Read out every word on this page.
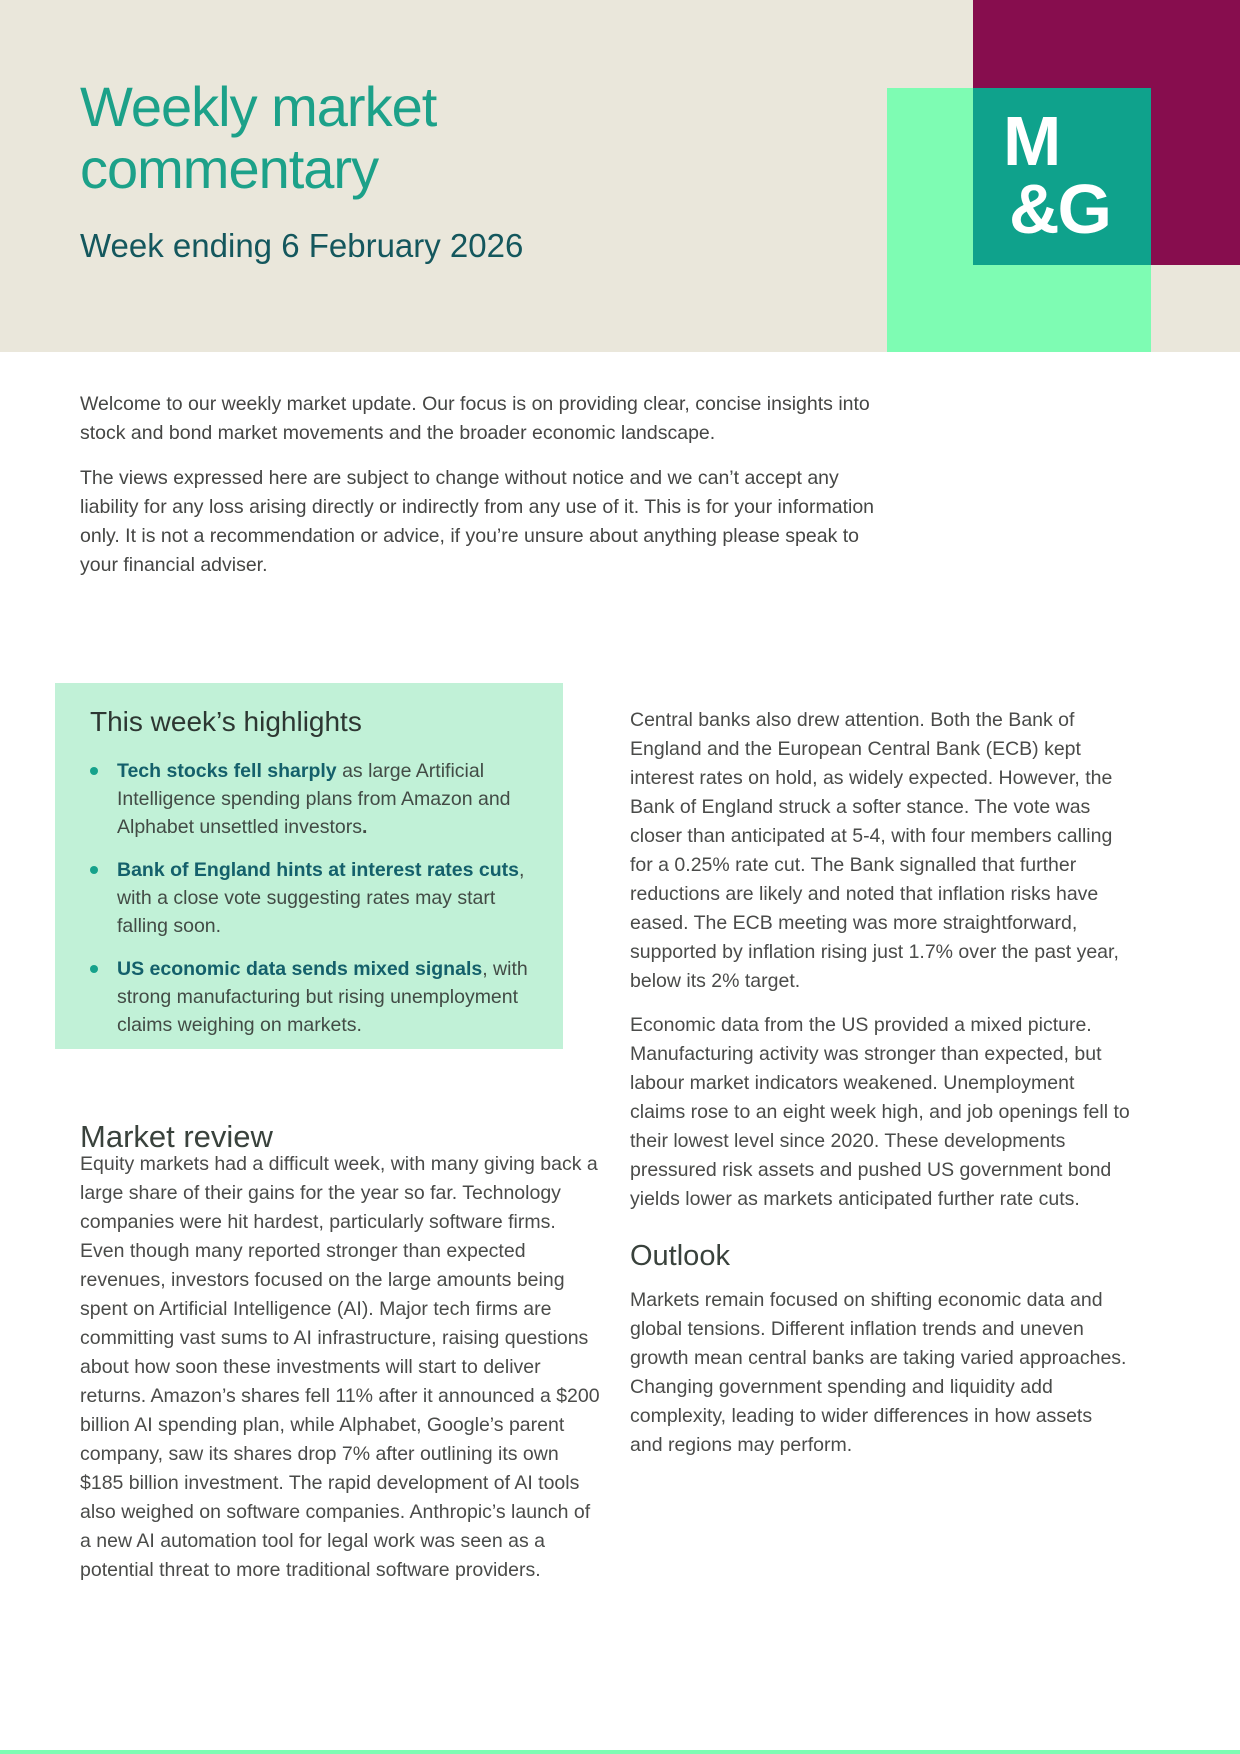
Weekly market
commentary
Week ending 6 February 2026
M
&G

Welcome to our weekly market update. Our focus is on providing clear, concise insights into stock and bond market movements and the broader economic landscape.

The views expressed here are subject to change without notice and we can’t accept any liability for any loss arising directly or indirectly from any use of it. This is for your information only. It is not a recommendation or advice, if you’re unsure about anything please speak to your financial adviser.

This week’s highlights
Tech stocks fell sharply as large Artificial Intelligence spending plans from Amazon and Alphabet unsettled investors.
Bank of England hints at interest rates cuts, with a close vote suggesting rates may start falling soon.
US economic data sends mixed signals, with strong manufacturing but rising unemployment claims weighing on markets.
Market review
Equity markets had a difficult week, with many giving back a large share of their gains for the year so far. Technology companies were hit hardest, particularly software firms. Even though many reported stronger than expected revenues, investors focused on the large amounts being spent on Artificial Intelligence (AI). Major tech firms are committing vast sums to AI infrastructure, raising questions about how soon these investments will start to deliver returns. Amazon’s shares fell 11% after it announced a $200 billion AI spending plan, while Alphabet, Google’s parent company, saw its shares drop 7% after outlining its own $185 billion investment. The rapid development of AI tools also weighed on software companies. Anthropic’s launch of a new AI automation tool for legal work was seen as a potential threat to more traditional software providers.

Central banks also drew attention. Both the Bank of England and the European Central Bank (ECB) kept interest rates on hold, as widely expected. However, the Bank of England struck a softer stance. The vote was closer than anticipated at 5-4, with four members calling for a 0.25% rate cut. The Bank signalled that further reductions are likely and noted that inflation risks have eased. The ECB meeting was more straightforward, supported by inflation rising just 1.7% over the past year, below its 2% target.

Economic data from the US provided a mixed picture. Manufacturing activity was stronger than expected, but labour market indicators weakened. Unemployment claims rose to an eight week high, and job openings fell to their lowest level since 2020. These developments pressured risk assets and pushed US government bond yields lower as markets anticipated further rate cuts.

Outlook

Markets remain focused on shifting economic data and global tensions. Different inflation trends and uneven growth mean central banks are taking varied approaches. Changing government spending and liquidity add complexity, leading to wider differences in how assets and regions may perform.
